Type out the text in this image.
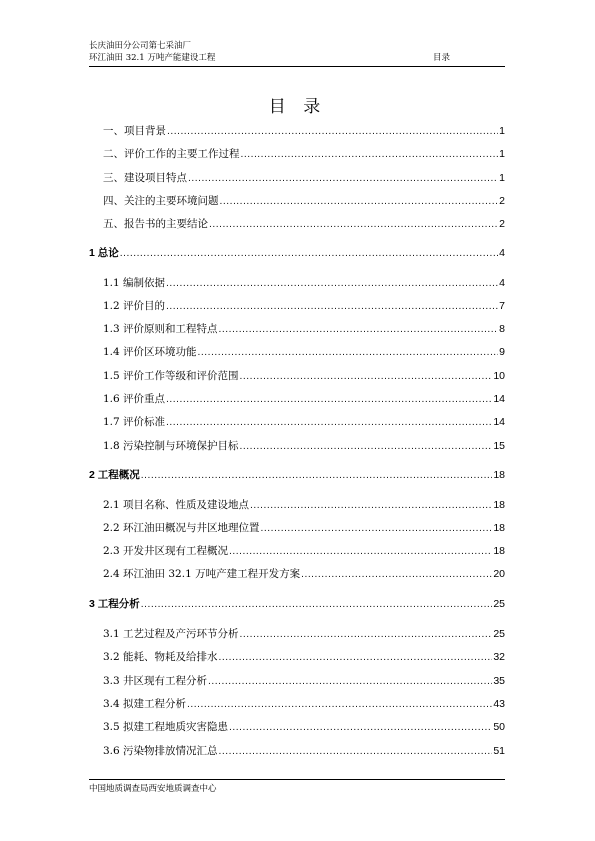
长庆油田分公司第七采油厂
环江油田 32.1 万吨产能建设工程	目录
目 录
一、项目背景 .....	1
二、评价工作的主要工作过程 .....	1
三、建设项目特点 .....	1
四、关注的主要环境问题 .....	2
五、报告书的主要结论 .....	2
1 总论 .....	4
1.1 编制依据 .....	4
1.2 评价目的 .....	7
1.3 评价原则和工程特点 .....	8
1.4 评价区环境功能 .....	9
1.5 评价工作等级和评价范围 .....	10
1.6 评价重点 .....	14
1.7 评价标准 .....	14
1.8 污染控制与环境保护目标 .....	15
2 工程概况 .....	18
2.1 项目名称、性质及建设地点 .....	18
2.2 环江油田概况与井区地理位置 .....	18
2.3 开发井区现有工程概况 .....	18
2.4 环江油田 32.1 万吨产建工程开发方案 .....	20
3 工程分析 .....	25
3.1 工艺过程及产污环节分析 .....	25
3.2 能耗、物耗及给排水 .....	32
3.3 井区现有工程分析 .....	35
3.4 拟建工程分析 .....	43
3.5 拟建工程地质灾害隐患 .....	50
3.6 污染物排放情况汇总 .....	51
中国地质调查局西安地质调查中心
